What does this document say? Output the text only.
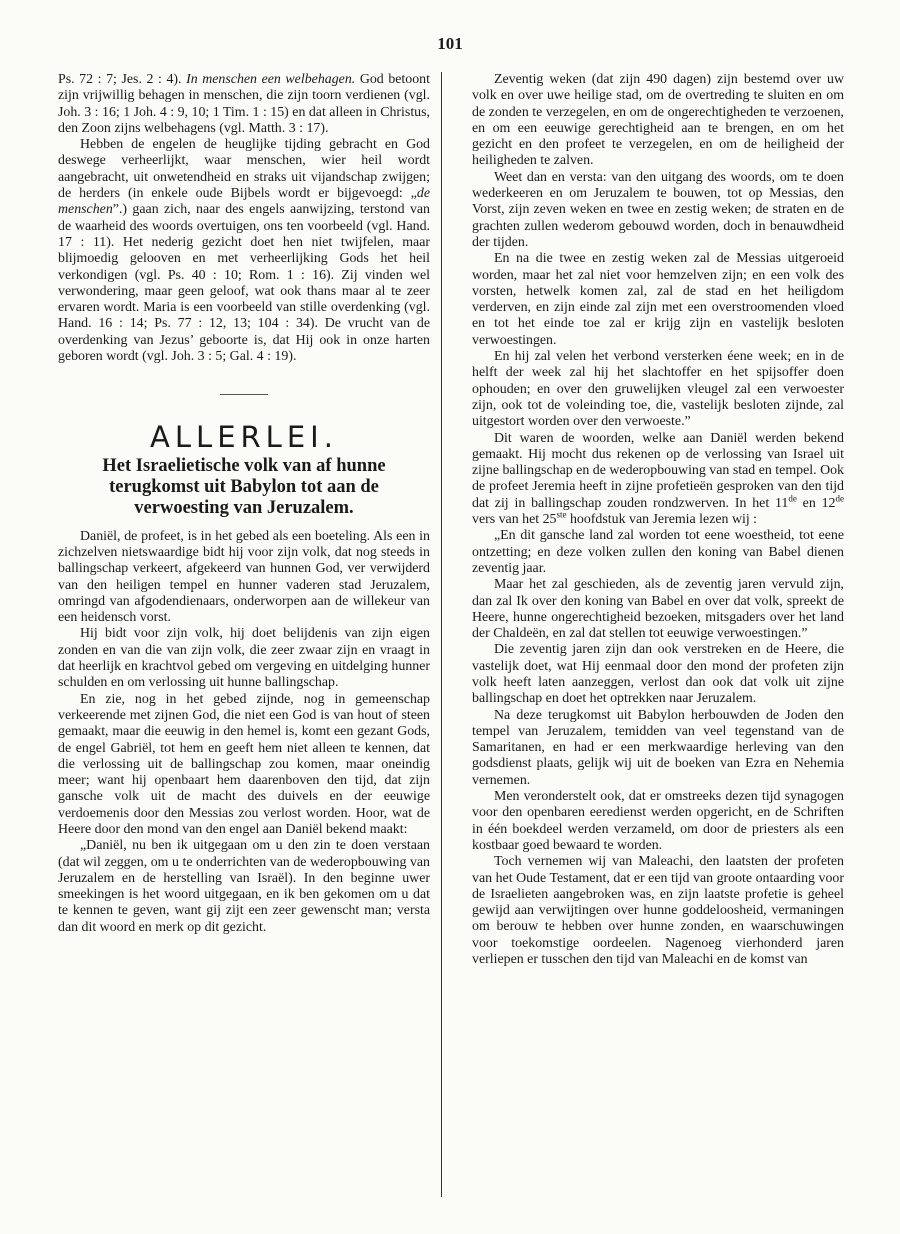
101

Ps. 72 : 7; Jes. 2 : 4). In menschen een welbehagen. God betoont zijn vrijwillig behagen in menschen, die zijn toorn verdienen (vgl. Joh. 3 : 16; 1 Joh. 4 : 9, 10; 1 Tim. 1 : 15) en dat alleen in Christus, den Zoon zijns welbehagens (vgl. Matth. 3 : 17).

Hebben de engelen de heuglijke tijding gebracht en God deswege verheerlijkt, waar menschen, wier heil wordt aangebracht, uit onwetendheid en straks uit vijandschap zwijgen; de herders (in enkele oude Bijbels wordt er bijgevoegd: „de menschen”.) gaan zich, naar des engels aanwijzing, terstond van de waarheid des woords overtuigen, ons ten voorbeeld (vgl. Hand. 17 : 11). Het nederig gezicht doet hen niet twijfelen, maar blijmoedig gelooven en met verheerlijking Gods het heil verkondigen (vgl. Ps. 40 : 10; Rom. 1 : 16). Zij vinden wel verwondering, maar geen geloof, wat ook thans maar al te zeer ervaren wordt. Maria is een voorbeeld van stille overdenking (vgl. Hand. 16 : 14; Ps. 77 : 12, 13; 104 : 34). De vrucht van de overdenking van Jezus’ geboorte is, dat Hij ook in onze harten geboren wordt (vgl. Joh. 3 : 5; Gal. 4 : 19).

ALLERLEI.
Het Israelietische volk van af hunne
terugkomst uit Babylon tot aan de
verwoesting van Jeruzalem.

Daniël, de profeet, is in het gebed als een boeteling. Als een in zichzelven nietswaardige bidt hij voor zijn volk, dat nog steeds in ballingschap verkeert, afgekeerd van hunnen God, ver verwijderd van den heiligen tempel en hunner vaderen stad Jeruzalem, omringd van afgodendienaars, onderworpen aan de willekeur van een heidensch vorst.

Hij bidt voor zijn volk, hij doet belijdenis van zijn eigen zonden en van die van zijn volk, die zeer zwaar zijn en vraagt in dat heerlijk en krachtvol gebed om vergeving en uitdelging hunner schulden en om verlossing uit hunne ballingschap.

En zie, nog in het gebed zijnde, nog in gemeenschap verkeerende met zijnen God, die niet een God is van hout of steen gemaakt, maar die eeuwig in den hemel is, komt een gezant Gods, de engel Gabriël, tot hem en geeft hem niet alleen te kennen, dat die verlossing uit de ballingschap zou komen, maar oneindig meer; want hij openbaart hem daarenboven den tijd, dat zijn gansche volk uit de macht des duivels en der eeuwige verdoemenis door den Messias zou verlost worden. Hoor, wat de Heere door den mond van den engel aan Daniël bekend maakt:

„Daniël, nu ben ik uitgegaan om u den zin te doen verstaan (dat wil zeggen, om u te onderrichten van de wederopbouwing van Jeruzalem en de herstelling van Israël). In den beginne uwer smeekingen is het woord uitgegaan, en ik ben gekomen om u dat te kennen te geven, want gij zijt een zeer gewenscht man; versta dan dit woord en merk op dit gezicht.

Zeventig weken (dat zijn 490 dagen) zijn bestemd over uw volk en over uwe heilige stad, om de overtreding te sluiten en om de zonden te verzegelen, en om de ongerechtigheden te verzoenen, en om een eeuwige gerechtigheid aan te brengen, en om het gezicht en den profeet te verzegelen, en om de heiligheid der heiligheden te zalven.

Weet dan en versta: van den uitgang des woords, om te doen wederkeeren en om Jeruzalem te bouwen, tot op Messias, den Vorst, zijn zeven weken en twee en zestig weken; de straten en de grachten zullen wederom gebouwd worden, doch in benauwdheid der tijden.

En na die twee en zestig weken zal de Messias uitgeroeid worden, maar het zal niet voor hemzelven zijn; en een volk des vorsten, hetwelk komen zal, zal de stad en het heiligdom verderven, en zijn einde zal zijn met een overstroomenden vloed en tot het einde toe zal er krijg zijn en vastelijk besloten verwoestingen.

En hij zal velen het verbond versterken éene week; en in de helft der week zal hij het slachtoffer en het spijsoffer doen ophouden; en over den gruwelijken vleugel zal een verwoester zijn, ook tot de voleinding toe, die, vastelijk besloten zijnde, zal uitgestort worden over den verwoeste.”

Dit waren de woorden, welke aan Daniël werden bekend gemaakt. Hij mocht dus rekenen op de verlossing van Israel uit zijne ballingschap en de wederopbouwing van stad en tempel. Ook de profeet Jeremia heeft in zijne profetieën gesproken van den tijd dat zij in ballingschap zouden rondzwerven. In het 11de en 12de vers van het 25ste hoofdstuk van Jeremia lezen wij :

„En dit gansche land zal worden tot eene woestheid, tot eene ontzetting; en deze volken zullen den koning van Babel dienen zeventig jaar.

Maar het zal geschieden, als de zeventig jaren vervuld zijn, dan zal Ik over den koning van Babel en over dat volk, spreekt de Heere, hunne ongerechtigheid bezoeken, mitsgaders over het land der Chaldeën, en zal dat stellen tot eeuwige verwoestingen.”

Die zeventig jaren zijn dan ook verstreken en de Heere, die vastelijk doet, wat Hij eenmaal door den mond der profeten zijn volk heeft laten aanzeggen, verlost dan ook dat volk uit zijne ballingschap en doet het optrekken naar Jeruzalem.

Na deze terugkomst uit Babylon herbouwden de Joden den tempel van Jeruzalem, temidden van veel tegenstand van de Samaritanen, en had er een merkwaardige herleving van den godsdienst plaats, gelijk wij uit de boeken van Ezra en Nehemia vernemen.

Men veronderstelt ook, dat er omstreeks dezen tijd synagogen voor den openbaren eeredienst werden opgericht, en de Schriften in één boekdeel werden verzameld, om door de priesters als een kostbaar goed bewaard te worden.

Toch vernemen wij van Maleachi, den laatsten der profeten van het Oude Testament, dat er een tijd van groote ontaarding voor de Israelieten aangebroken was, en zijn laatste profetie is geheel gewijd aan verwijtingen over hunne goddeloosheid, vermaningen om berouw te hebben over hunne zonden, en waarschuwingen voor toekomstige oordeelen. Nagenoeg vierhonderd jaren verliepen er tusschen den tijd van Maleachi en de komst van
